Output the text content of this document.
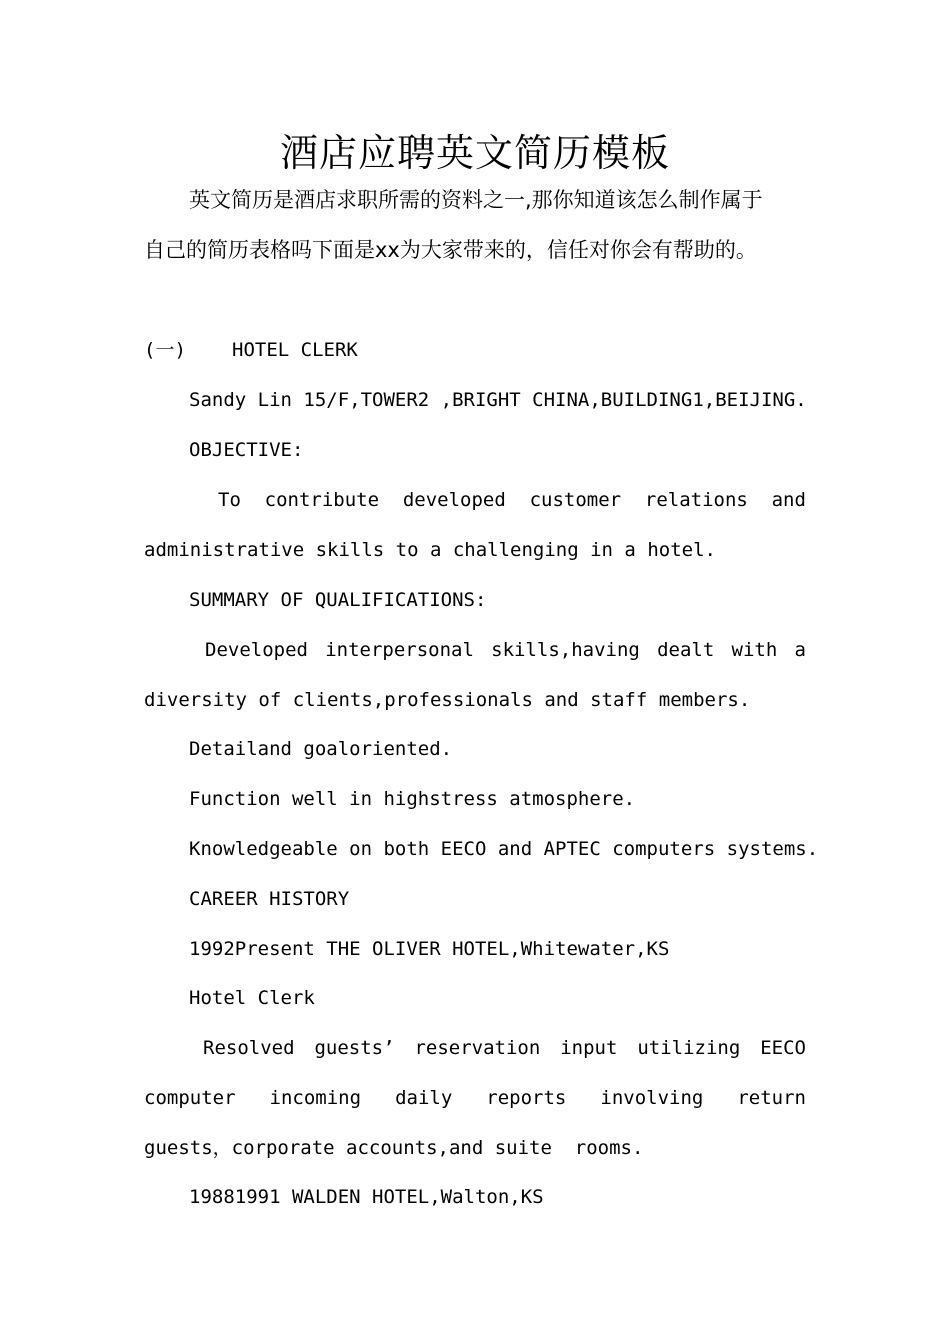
酒店应聘英文简历模板
英文简历是酒店求职所需的资料之一,那你知道该怎么制作属于
自己的简历表格吗下面是xx为大家带来的，信任对你会有帮助的。
(一) HOTEL CLERK
Sandy Lin 15/F,TOWER2 ,BRIGHT CHINA,BUILDING1,BEIJING.
OBJECTIVE:
To contribute developed customer relations and
administrative skills to a challenging in a hotel.
SUMMARY OF QUALIFICATIONS:
Developed interpersonal skills,having dealt with a
diversity of clients,professionals and staff members.
Detailand goaloriented.
Function well in highstress atmosphere.
Knowledgeable on both EECO and APTEC computers systems.
CAREER HISTORY
1992Present THE OLIVER HOTEL,Whitewater,KS
Hotel Clerk
Resolved guests’ reservation input utilizing EECO
computer incoming daily reports involving return
guests，corporate accounts,and suite  rooms.
19881991 WALDEN HOTEL,Walton,KS
